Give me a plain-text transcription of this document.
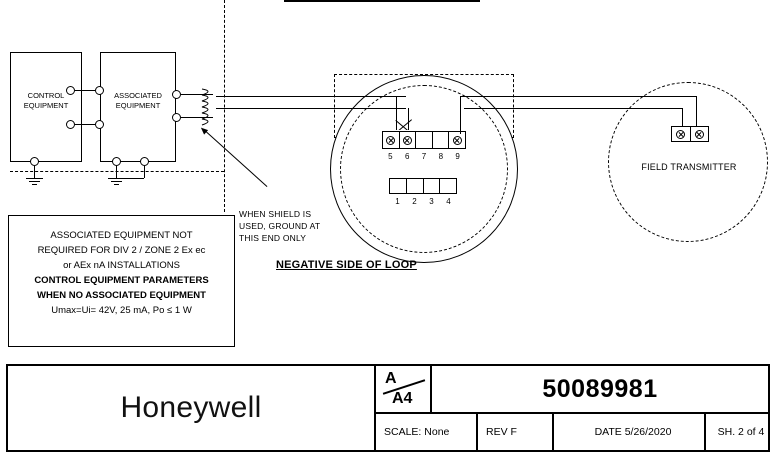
CONTROL
EQUIPMENT
ASSOCIATED
EQUIPMENT
5	6	7	8	9
1	2	3	4
NEGATIVE SIDE OF LOOP
FIELD TRANSMITTER
WHEN SHIELD IS
USED, GROUND AT
THIS END ONLY

ASSOCIATED EQUIPMENT NOT

REQUIRED FOR DIV 2 / ZONE 2 Ex ec

or AEx nA INSTALLATIONS

CONTROL EQUIPMENT PARAMETERS

WHEN NO ASSOCIATED EQUIPMENT

Umax=Ui= 42V, 25 mA, Po ≤ 1 W

Honeywell
A
A4	50089981
SCALE: None	REV F	DATE 5/26/2020	SH. 2 of 4
